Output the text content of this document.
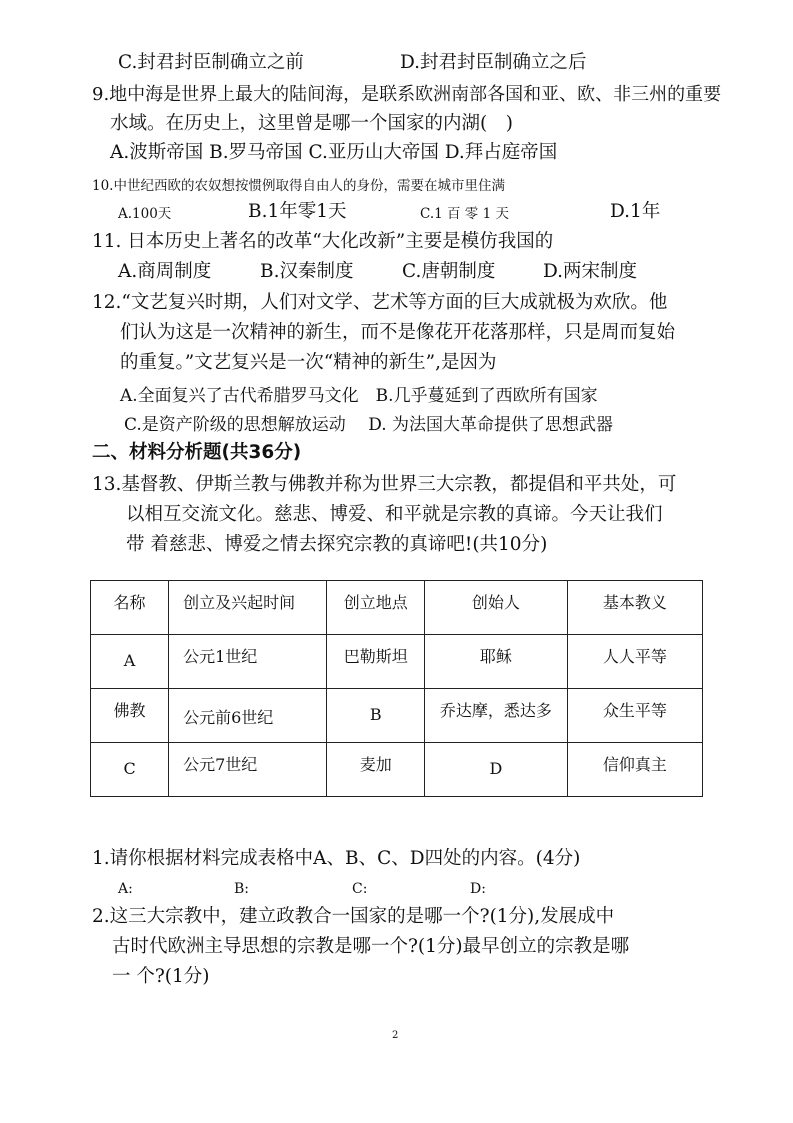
C.封君封臣制确立之前	D.封君封臣制确立之后
9.地中海是世界上最大的陆间海，是联系欧洲南部各国和亚、欧、非三州的重要
水域。在历史上，这里曾是哪一个国家的内湖(　)
A.波斯帝国 B.罗马帝国 C.亚历山大帝国 D.拜占庭帝国
10.中世纪西欧的农奴想按惯例取得自由人的身份，需要在城市里住满
A.100天	B.1年零1天	C.1 百 零 1 天	D.1年
11. 日本历史上著名的改革“大化改新”主要是模仿我国的
A.商周制度	B.汉秦制度	C.唐朝制度	D.两宋制度
12.“文艺复兴时期，人们对文学、艺术等方面的巨大成就极为欢欣。他
们认为这是一次精神的新生，而不是像花开花落那样，只是周而复始
的重复。”文艺复兴是一次“精神的新生”,是因为
A.全面复兴了古代希腊罗马文化　B.几乎蔓延到了西欧所有国家
C.是资产阶级的思想解放运动　 D. 为法国大革命提供了思想武器
二、材料分析题(共36分)
13.基督教、伊斯兰教与佛教并称为世界三大宗教，都提倡和平共处，可
以相互交流文化。慈悲、博爱、和平就是宗教的真谛。今天让我们
带 着慈悲、博爱之情去探究宗教的真谛吧!(共10分)
名称	创立及兴起时间	创立地点	创始人	基本教义
A	公元1世纪	巴勒斯坦	耶稣	人人平等
佛教	公元前6世纪	B	乔达摩，悉达多	众生平等
C	公元7世纪	麦加	D	信仰真主
1.请你根据材料完成表格中A、B、C、D四处的内容。(4分)
A:	B:	C:	D:
2.这三大宗教中，建立政教合一国家的是哪一个?(1分),发展成中
古时代欧洲主导思想的宗教是哪一个?(1分)最早创立的宗教是哪
一 个?(1分)
2
